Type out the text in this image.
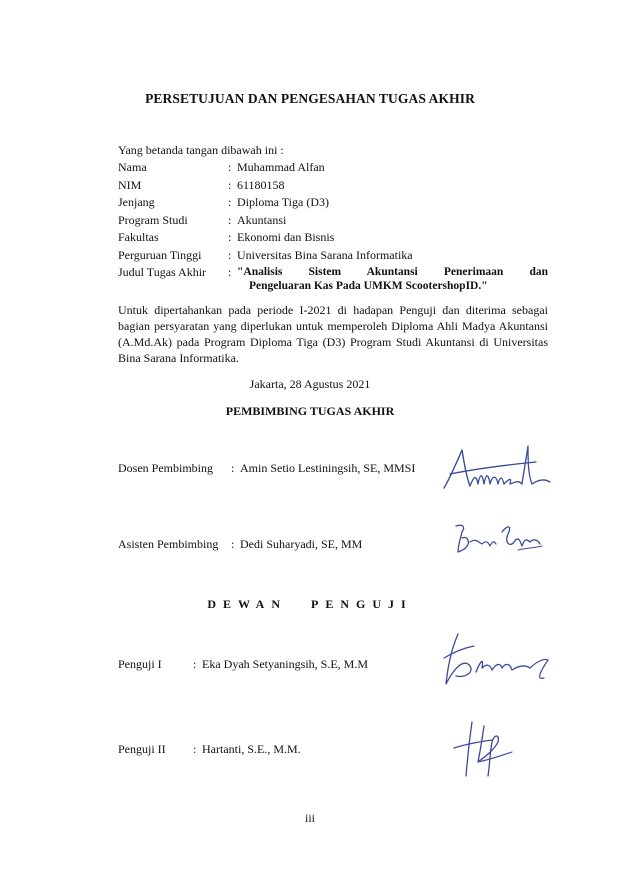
PERSETUJUAN DAN PENGESAHAN TUGAS AKHIR
Yang betanda tangan dibawah ini :
Nama	: Muhammad Alfan
NIM	: 61180158
Jenjang	: Diploma Tiga (D3)
Program Studi	: Akuntansi
Fakultas	: Ekonomi dan Bisnis
Perguruan Tinggi : Universitas Bina Sarana Informatika
Judul Tugas Akhir : "Analisis Sistem Akuntansi Penerimaan dan
Pengeluaran Kas Pada UMKM ScootershopID."
Untuk dipertahankan pada periode I-2021 di hadapan Penguji dan diterima sebagai bagian persyaratan yang diperlukan untuk memperoleh Diploma Ahli Madya Akuntansi (A.Md.Ak) pada Program Diploma Tiga (D3) Program Studi Akuntansi di Universitas Bina Sarana Informatika.
Jakarta, 28 Agustus 2021
PEMBIMBING TUGAS AKHIR
Dosen Pembimbing : Amin Setio Lestiningsih, SE, MMSI
Asisten Pembimbing : Dedi Suharyadi, SE, MM
DEWAN PENGUJI
Penguji I	: Eka Dyah Setyaningsih, S.E, M.M
Penguji II : Hartanti, S.E., M.M.
iii
